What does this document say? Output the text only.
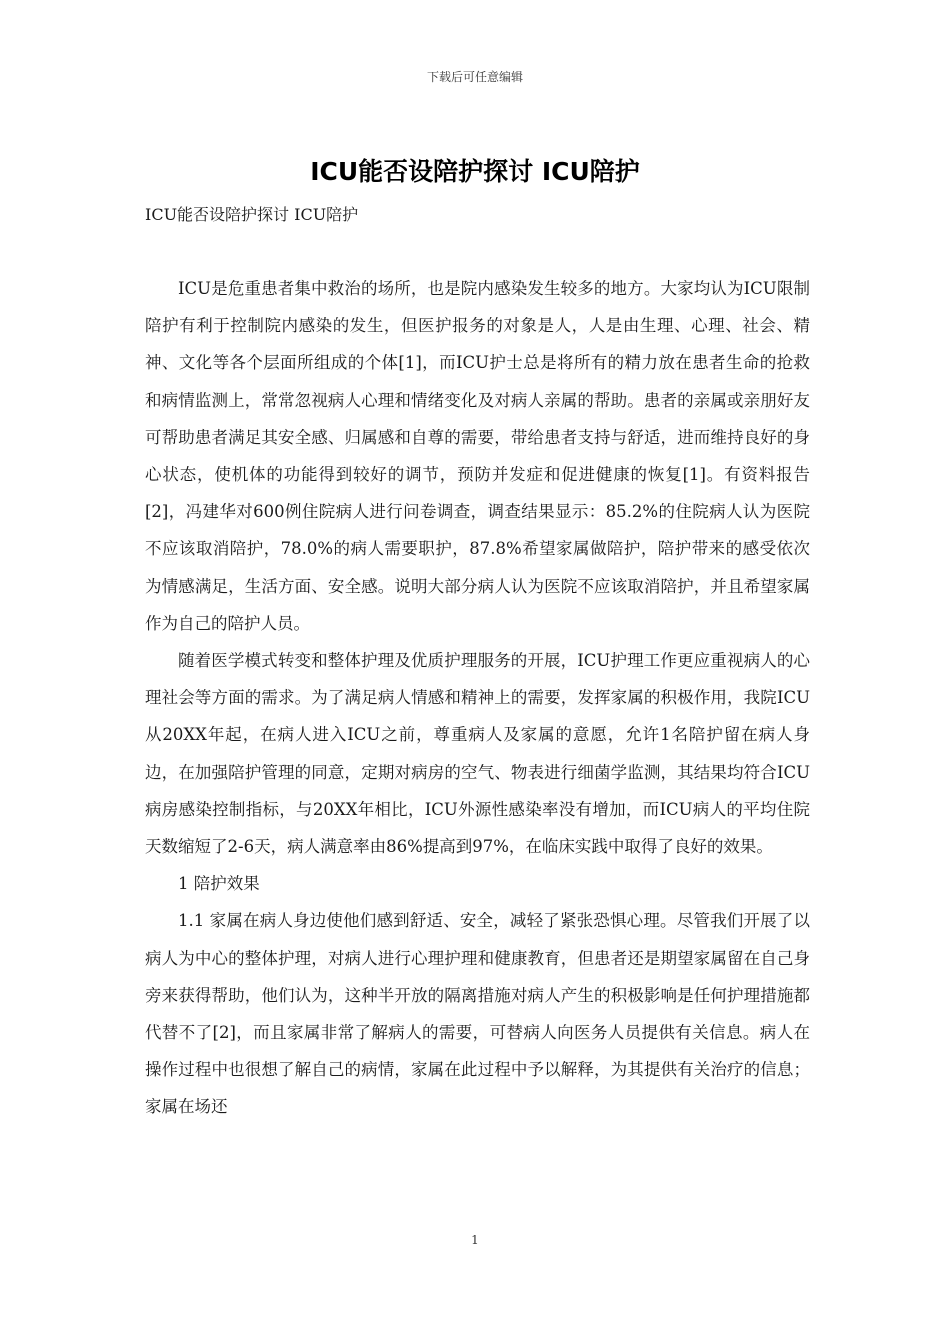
下载后可任意编辑
ICU能否设陪护探讨 ICU陪护
ICU能否设陪护探讨 ICU陪护

ICU是危重患者集中救治的场所，也是院内感染发生较多的地方。大家均认为ICU限制陪护有利于控制院内感染的发生，但医护报务的对象是人，人是由生理、心理、社会、精神、文化等各个层面所组成的个体[1]，而ICU护士总是将所有的精力放在患者生命的抢救和病情监测上，常常忽视病人心理和情绪变化及对病人亲属的帮助。患者的亲属或亲朋好友可帮助患者满足其安全感、归属感和自尊的需要，带给患者支持与舒适，进而维持良好的身心状态，使机体的功能得到较好的调节，预防并发症和促进健康的恢复[1]。有资料报告[2]，冯建华对600例住院病人进行问卷调查，调查结果显示：85.2%的住院病人认为医院不应该取消陪护，78.0%的病人需要职护，87.8%希望家属做陪护，陪护带来的感受依次为情感满足，生活方面、安全感。说明大部分病人认为医院不应该取消陪护，并且希望家属作为自己的陪护人员。

随着医学模式转变和整体护理及优质护理服务的开展，ICU护理工作更应重视病人的心理社会等方面的需求。为了满足病人情感和精神上的需要，发挥家属的积极作用，我院ICU从20XX年起，在病人进入ICU之前，尊重病人及家属的意愿，允许1名陪护留在病人身边，在加强陪护管理的同意，定期对病房的空气、物表进行细菌学监测，其结果均符合ICU病房感染控制指标，与20XX年相比，ICU外源性感染率没有增加，而ICU病人的平均住院天数缩短了2-6天，病人满意率由86%提高到97%，在临床实践中取得了良好的效果。

1 陪护效果

1.1 家属在病人身边使他们感到舒适、安全，减轻了紧张恐惧心理。尽管我们开展了以病人为中心的整体护理，对病人进行心理护理和健康教育，但患者还是期望家属留在自己身旁来获得帮助，他们认为，这种半开放的隔离措施对病人产生的积极影响是任何护理措施都代替不了[2]，而且家属非常了解病人的需要，可替病人向医务人员提供有关信息。病人在操作过程中也很想了解自己的病情，家属在此过程中予以解释，为其提供有关治疗的信息；家属在场还

1
